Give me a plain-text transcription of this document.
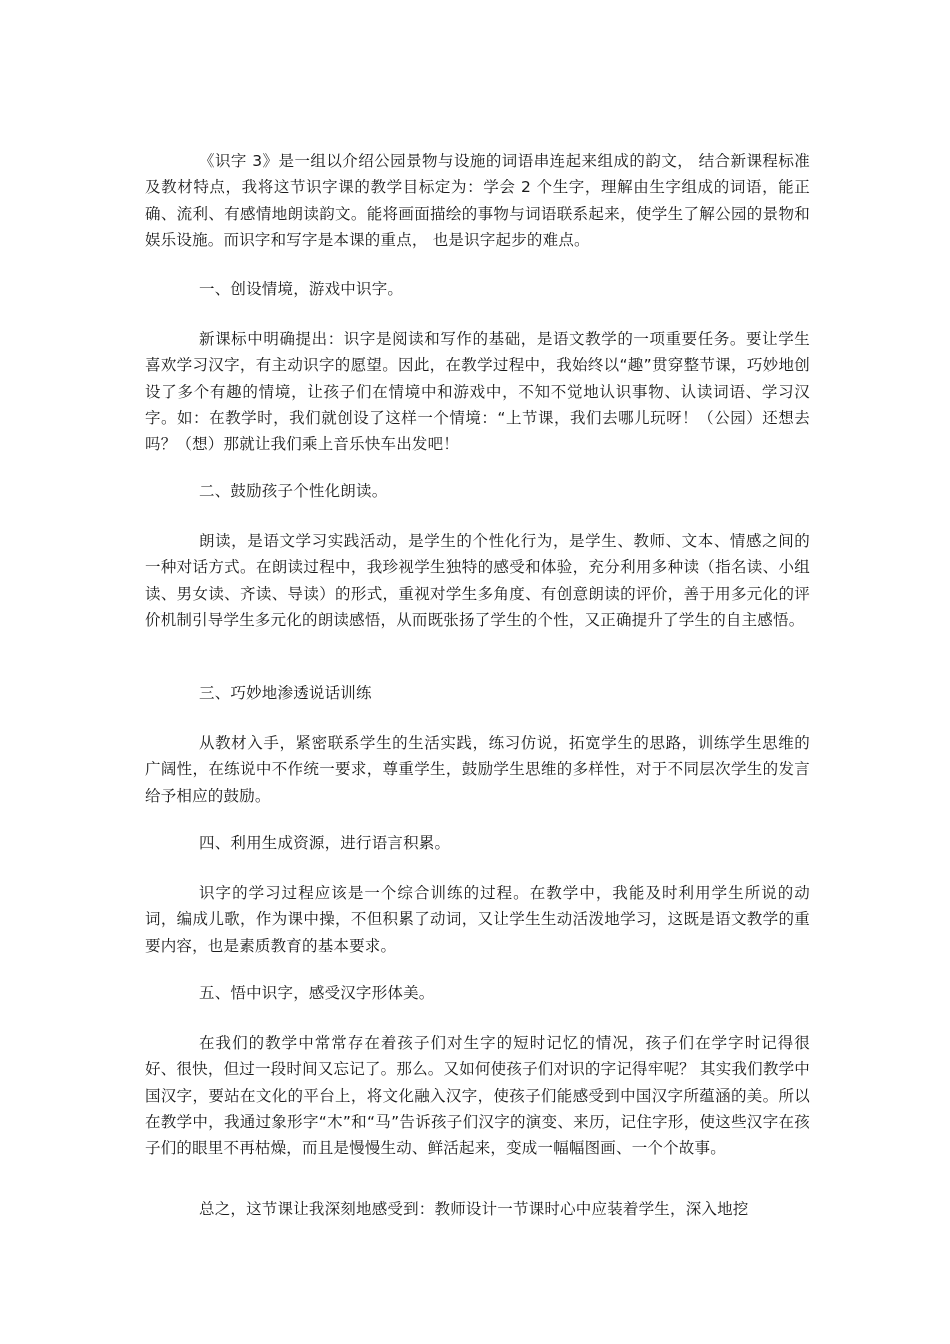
《识字 3》是一组以介绍公园景物与设施的词语串连起来组成的韵文， 结合新课程标准及教材特点，我将这节识字课的教学目标定为：学会 2 个生字，理解由生字组成的词语，能正确、流利、有感情地朗读韵文。能将画面描绘的事物与词语联系起来，使学生了解公园的景物和娱乐设施。而识字和写字是本课的重点， 也是识字起步的难点。

一、创设情境，游戏中识字。

新课标中明确提出：识字是阅读和写作的基础，是语文教学的一项重要任务。要让学生喜欢学习汉字，有主动识字的愿望。因此，在教学过程中，我始终以“趣”贯穿整节课，巧妙地创设了多个有趣的情境，让孩子们在情境中和游戏中，不知不觉地认识事物、认读词语、学习汉字。如：在教学时，我们就创设了这样一个情境：“上节课，我们去哪儿玩呀！（公园）还想去吗？（想）那就让我们乘上音乐快车出发吧！

二、鼓励孩子个性化朗读。

朗读，是语文学习实践活动，是学生的个性化行为，是学生、教师、文本、情感之间的一种对话方式。在朗读过程中，我珍视学生独特的感受和体验，充分利用多种读（指名读、小组读、男女读、齐读、导读）的形式，重视对学生多角度、有创意朗读的评价，善于用多元化的评价机制引导学生多元化的朗读感悟，从而既张扬了学生的个性，又正确提升了学生的自主感悟。

三、巧妙地渗透说话训练

从教材入手，紧密联系学生的生活实践，练习仿说，拓宽学生的思路，训练学生思维的广阔性，在练说中不作统一要求，尊重学生，鼓励学生思维的多样性，对于不同层次学生的发言给予相应的鼓励。

四、利用生成资源，进行语言积累。

识字的学习过程应该是一个综合训练的过程。在教学中，我能及时利用学生所说的动词，编成儿歌，作为课中操，不但积累了动词，又让学生生动活泼地学习，这既是语文教学的重要内容，也是素质教育的基本要求。

五、悟中识字，感受汉字形体美。

在我们的教学中常常存在着孩子们对生字的短时记忆的情况，孩子们在学字时记得很好、很快，但过一段时间又忘记了。那么。又如何使孩子们对识的字记得牢呢？ 其实我们教学中国汉字，要站在文化的平台上，将文化融入汉字，使孩子们能感受到中国汉字所蕴涵的美。所以在教学中，我通过象形字“木”和“马”告诉孩子们汉字的演变、来历，记住字形，使这些汉字在孩子们的眼里不再枯燥，而且是慢慢生动、鲜活起来，变成一幅幅图画、一个个故事。

总之，这节课让我深刻地感受到：教师设计一节课时心中应装着学生，深入地挖
